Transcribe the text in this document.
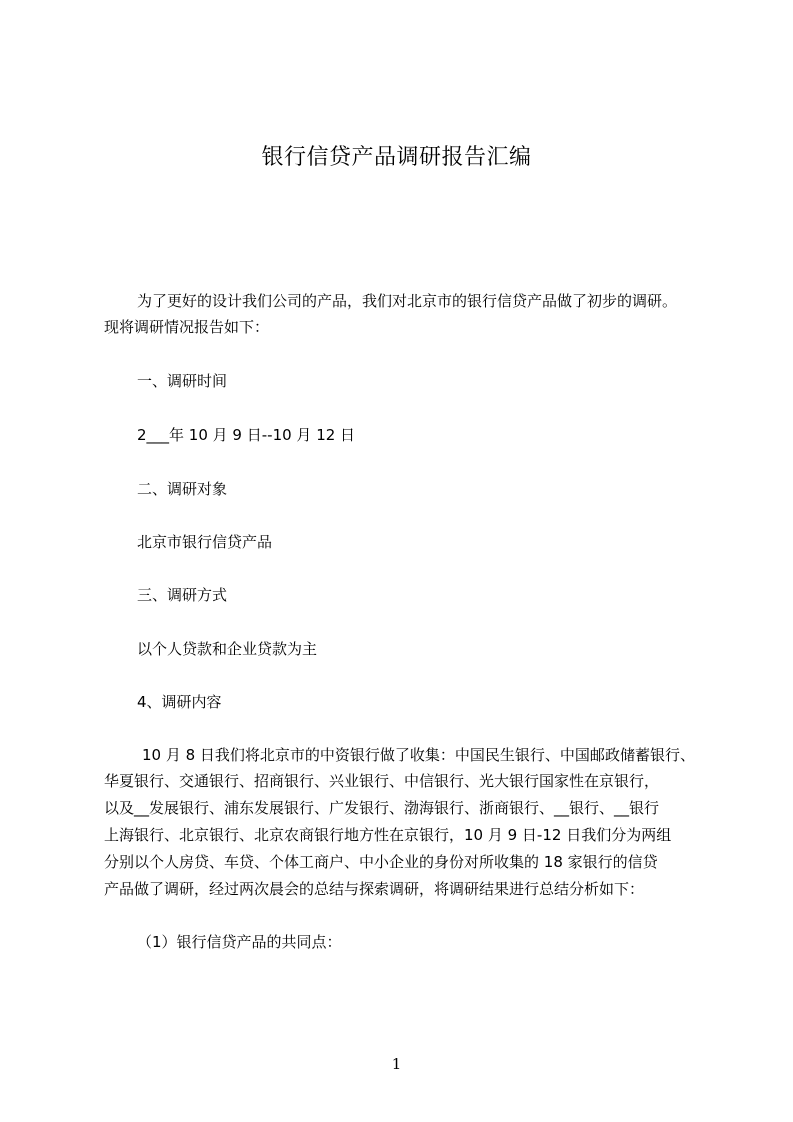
银行信贷产品调研报告汇编
为了更好的设计我们公司的产品，我们对北京市的银行信贷产品做了初步的调研。
现将调研情况报告如下：
一、调研时间
2___年 10 月 9 日--10 月 12 日
二、调研对象
北京市银行信贷产品
三、调研方式
以个人贷款和企业贷款为主
4、调研内容
10 月 8 日我们将北京市的中资银行做了收集：中国民生银行、中国邮政储蓄银行、
华夏银行、交通银行、招商银行、兴业银行、中信银行、光大银行国家性在京银行，
以及__发展银行、浦东发展银行、广发银行、渤海银行、浙商银行、__银行、__银行
上海银行、北京银行、北京农商银行地方性在京银行，10 月 9 日-12 日我们分为两组
分别以个人房贷、车贷、个体工商户、中小企业的身份对所收集的 18 家银行的信贷
产品做了调研，经过两次晨会的总结与探索调研，将调研结果进行总结分析如下：
（1）银行信贷产品的共同点：
1
